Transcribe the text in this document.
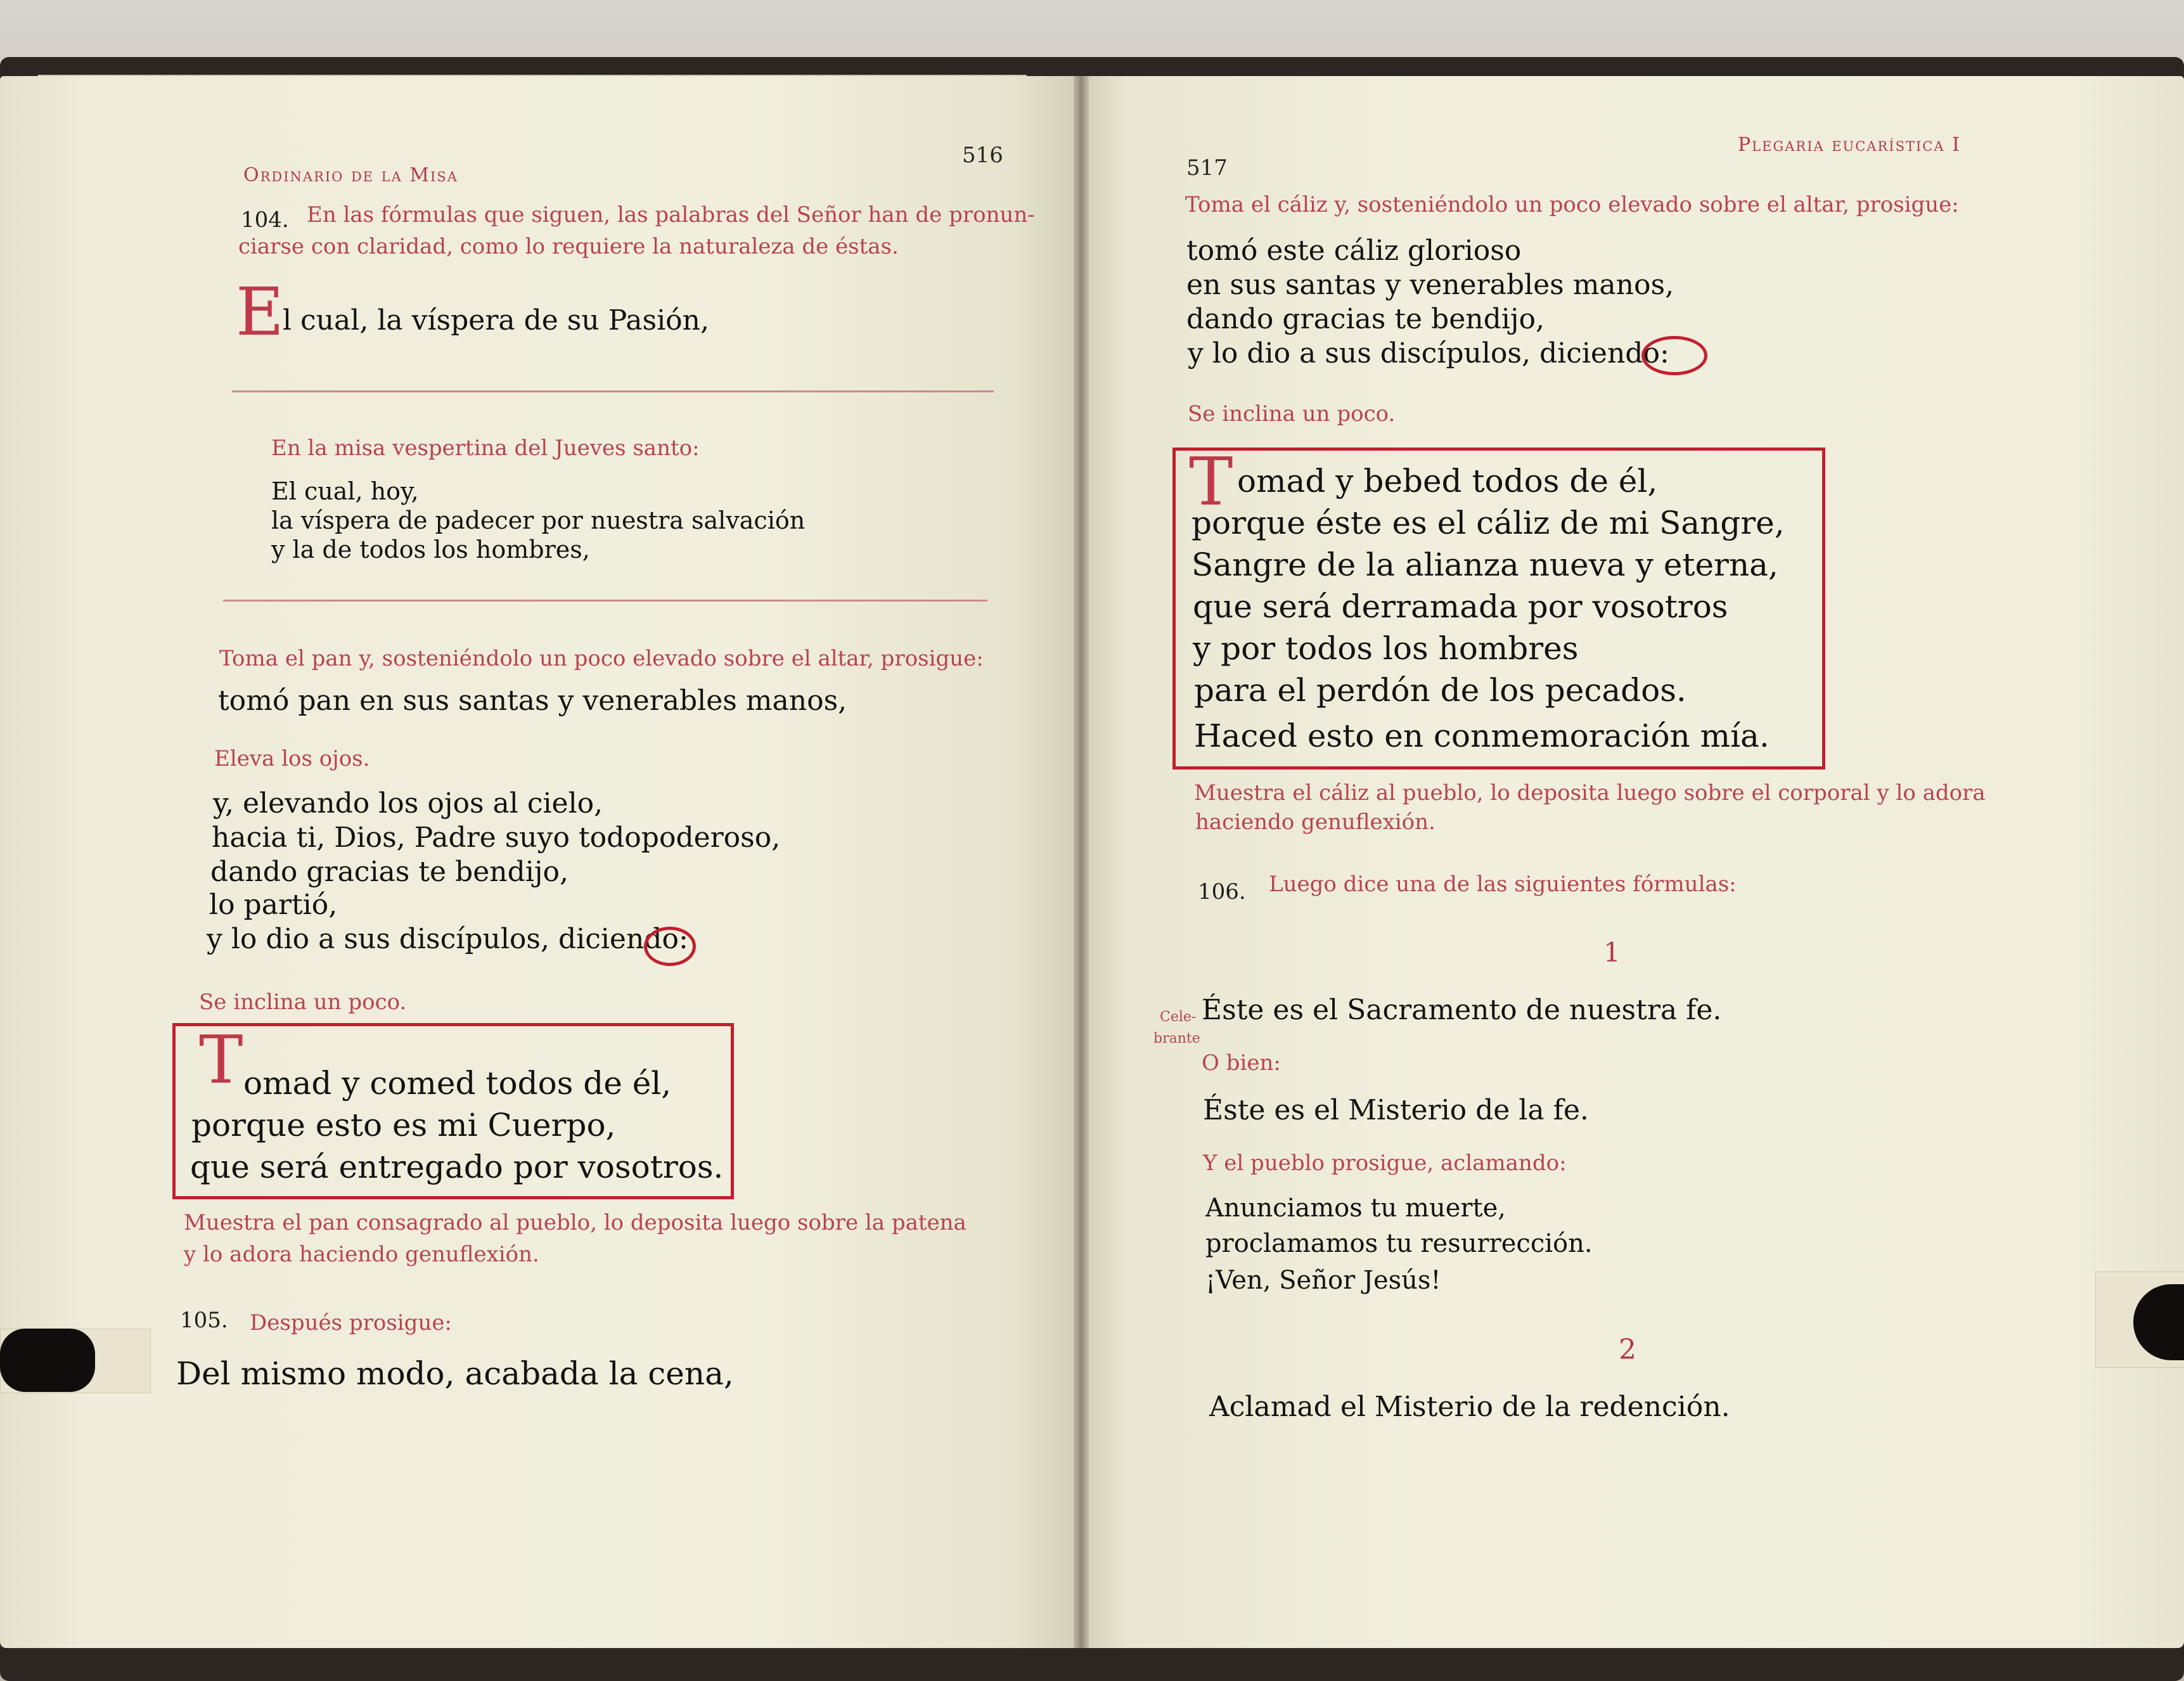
Ordinario de la Misa
516
104. En las fórmulas que siguen, las palabras del Señor han de pronun-
ciarse con claridad, como lo requiere la naturaleza de éstas.
E
l cual, la víspera de su Pasión,
En la misa vespertina del Jueves santo:
El cual, hoy,
la víspera de padecer por nuestra salvación
y la de todos los hombres,
Toma el pan y, sosteniéndolo un poco elevado sobre el altar, prosigue:
tomó pan en sus santas y venerables manos,
Eleva los ojos.
y, elevando los ojos al cielo,
hacia ti, Dios, Padre suyo todopoderoso,
dando gracias te bendijo,
lo partió,
y lo dio a sus discípulos, diciendo:
Se inclina un poco.
T omad y comed todos de él,
porque esto es mi Cuerpo,
que será entregado por vosotros.
Muestra el pan consagrado al pueblo, lo deposita luego sobre la patena
y lo adora haciendo genuflexión.
105. Después prosigue:
Del mismo modo, acabada la cena,
517
Plegaria eucarística I
Toma el cáliz y, sosteniéndolo un poco elevado sobre el altar, prosigue:
tomó este cáliz glorioso
en sus santas y venerables manos,
dando gracias te bendijo,
y lo dio a sus discípulos, diciendo:
Se inclina un poco.
T omad y bebed todos de él,
porque éste es el cáliz de mi Sangre,
Sangre de la alianza nueva y eterna,
que será derramada por vosotros
y por todos los hombres
para el perdón de los pecados.
Haced esto en conmemoración mía.
Muestra el cáliz al pueblo, lo deposita luego sobre el corporal y lo adora
haciendo genuflexión.
106. Luego dice una de las siguientes fórmulas:
1
Cele-
brante
Éste es el Sacramento de nuestra fe.
O bien:
Éste es el Misterio de la fe.
Y el pueblo prosigue, aclamando:
Anunciamos tu muerte,
proclamamos tu resurrección.
¡Ven, Señor Jesús!
2
Aclamad el Misterio de la redención.
